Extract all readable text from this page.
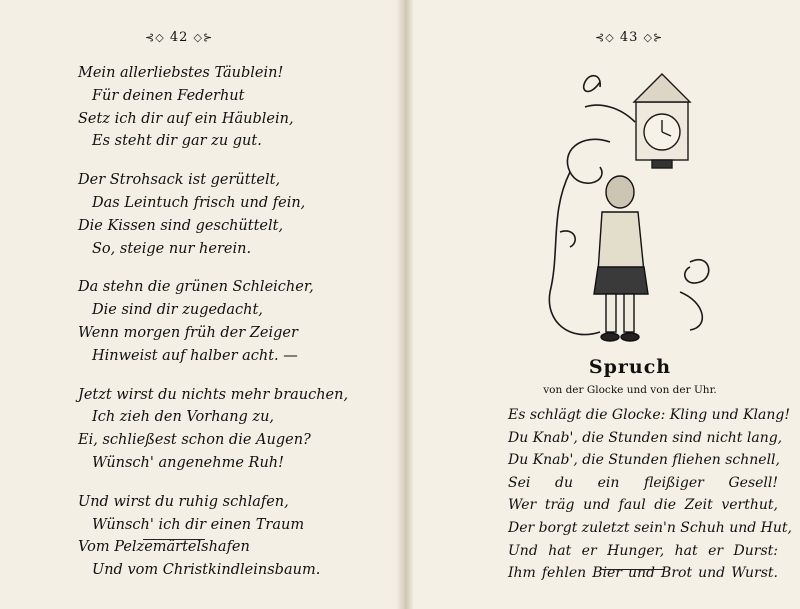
⊰◇ 42 ◇⊱	⊰◇ 43 ◇⊱
Mein allerliebstes Täublein!
Für deinen Federhut
Setz ich dir auf ein Häublein,
Es steht dir gar zu gut.
Der Strohsack ist gerüttelt,
Das Leintuch frisch und fein,
Die Kissen sind geschüttelt,
So, steige nur herein.
Da stehn die grünen Schleicher,
Die sind dir zugedacht,
Wenn morgen früh der Zeiger
Hinweist auf halber acht. —
Jetzt wirst du nichts mehr brauchen,
Ich zieh den Vorhang zu,
Ei, schließest schon die Augen?
Wünsch' angenehme Ruh!
Und wirst du ruhig schlafen,
Wünsch' ich dir einen Traum
Vom Pelzemärtelshafen
Und vom Christkindleinsbaum.
Spruch
von der Glocke und von der Uhr.
Es schlägt die Glocke: Kling und Klang!
Du Knab', die Stunden sind nicht lang,
Du Knab', die Stunden fliehen schnell,
Sei du ein fleißiger Gesell!
Wer träg und faul die Zeit verthut,
Der borgt zuletzt sein'n Schuh und Hut,
Und hat er Hunger, hat er Durst:
Ihm fehlen Bier und Brot und Wurst.
